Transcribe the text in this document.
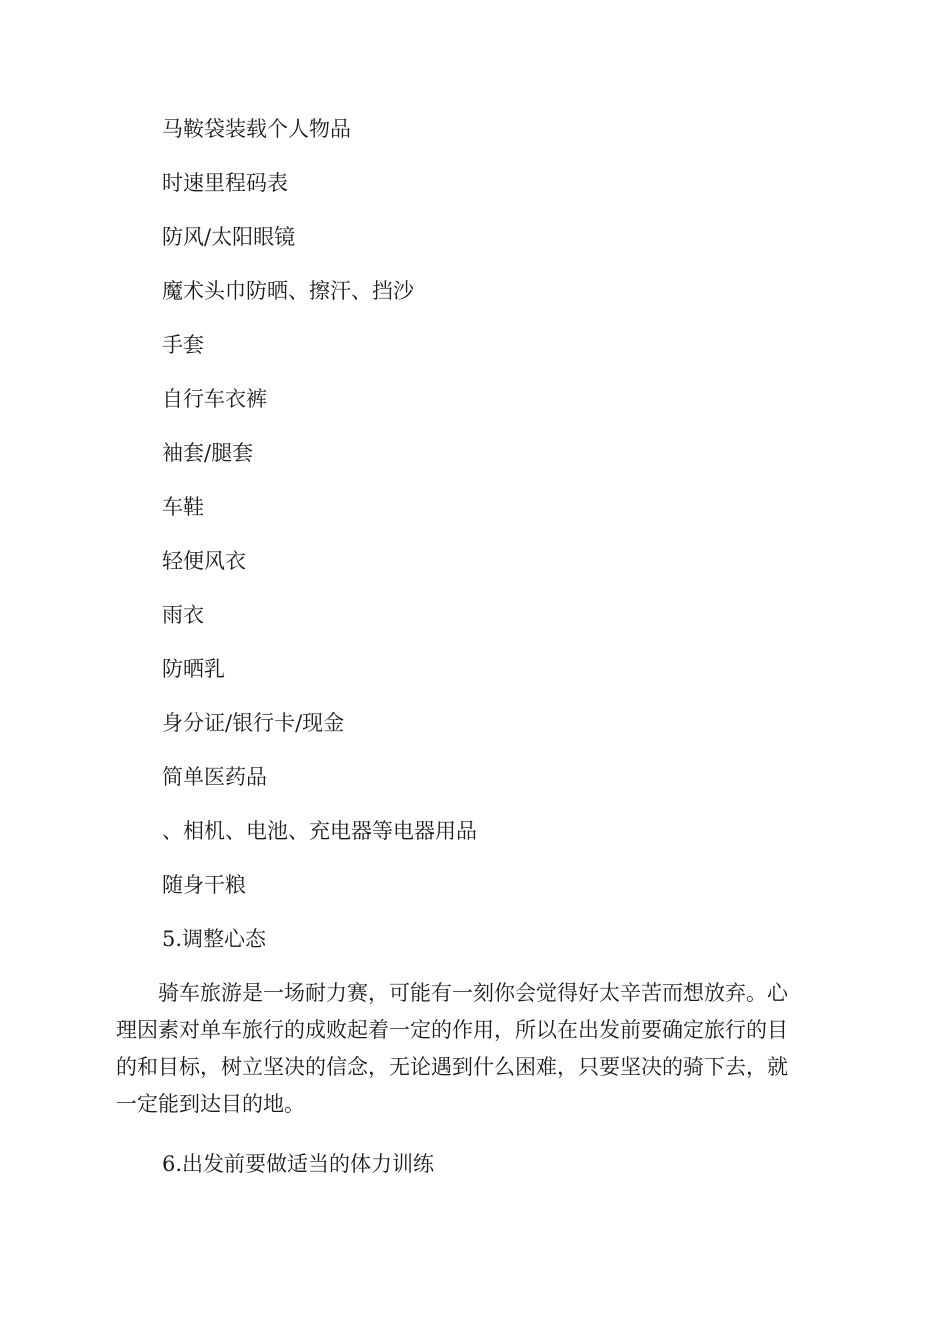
马鞍袋装载个人物品
时速里程码表
防风/太阳眼镜
魔术头巾防晒、擦汗、挡沙
手套
自行车衣裤
袖套/腿套
车鞋
轻便风衣
雨衣
防晒乳
身分证/银行卡/现金
简单医药品
、相机、电池、充电器等电器用品
随身干粮
5.调整心态
　　骑车旅游是一场耐力赛，可能有一刻你会觉得好太辛苦而想放弃。心
理因素对单车旅行的成败起着一定的作用，所以在出发前要确定旅行的目
的和目标，树立坚决的信念，无论遇到什么困难，只要坚决的骑下去，就
一定能到达目的地。
6.出发前要做适当的体力训练
